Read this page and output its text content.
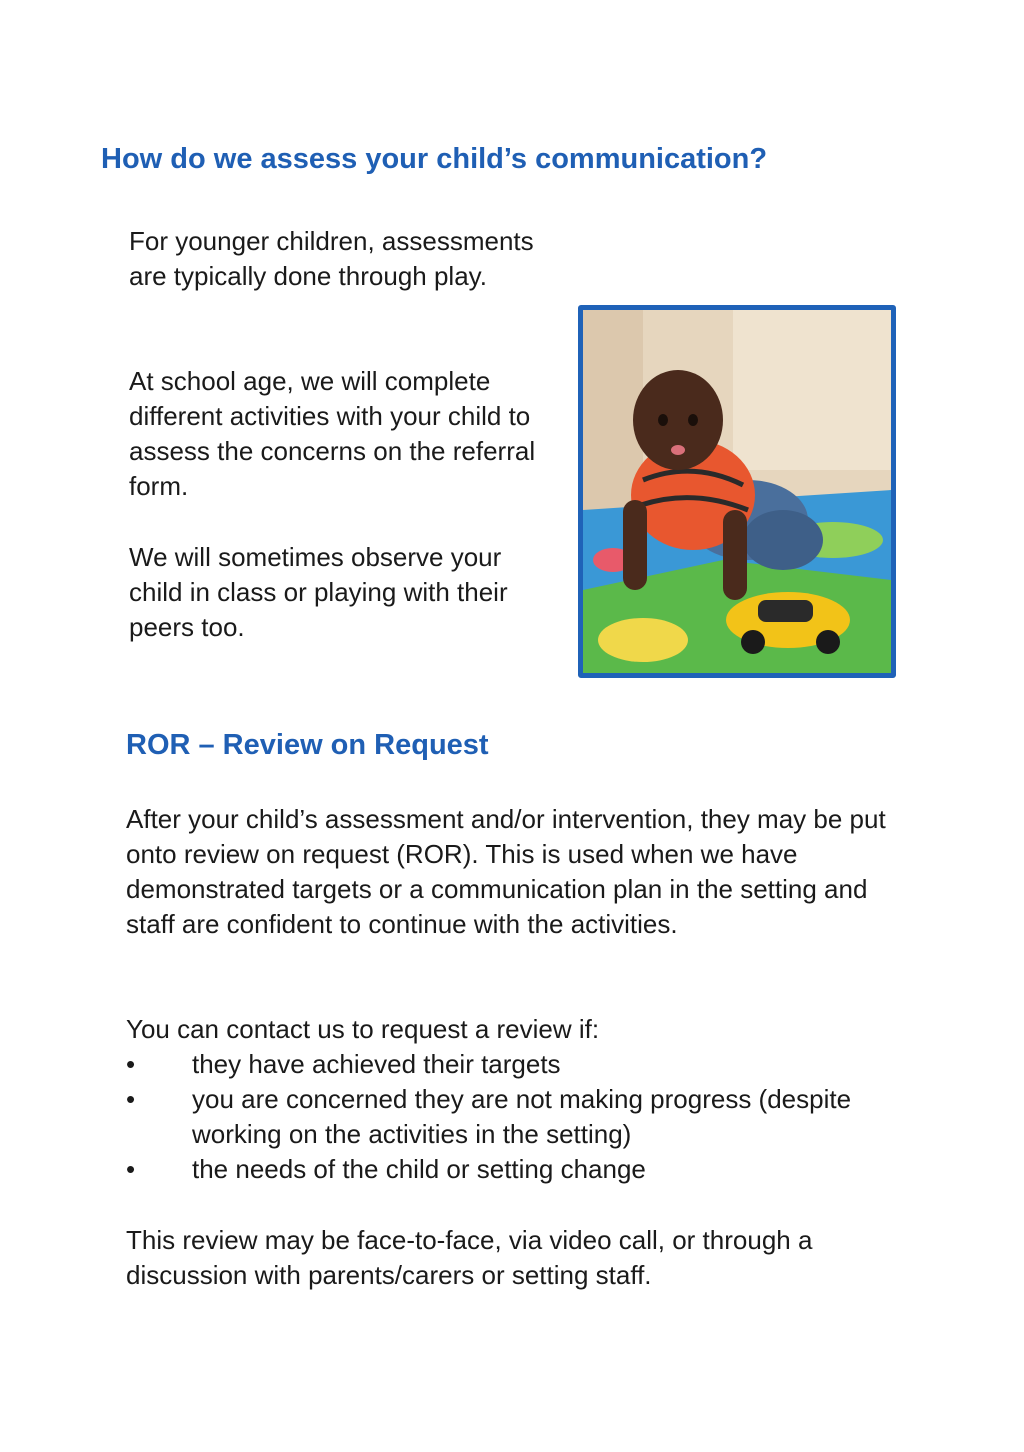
How do we assess your child’s communication?

For younger children, assessments are typically done through play.

At school age, we will complete different activities with your child to assess the concerns on the referral form.

We will sometimes observe your child in class or playing with their peers too.

ROR – Review on Request

After your child’s assessment and/or intervention, they may be put onto review on request (ROR). This is used when we have demonstrated targets or a communication plan in the setting and staff are confident to continue with the activities.

You can contact us to request a review if:

• they have achieved their targets
• you are concerned they are not making progress (despite working on the activities in the setting)
• the needs of the child or setting change

This review may be face-to-face, via video call, or through a discussion with parents/carers or setting staff.
